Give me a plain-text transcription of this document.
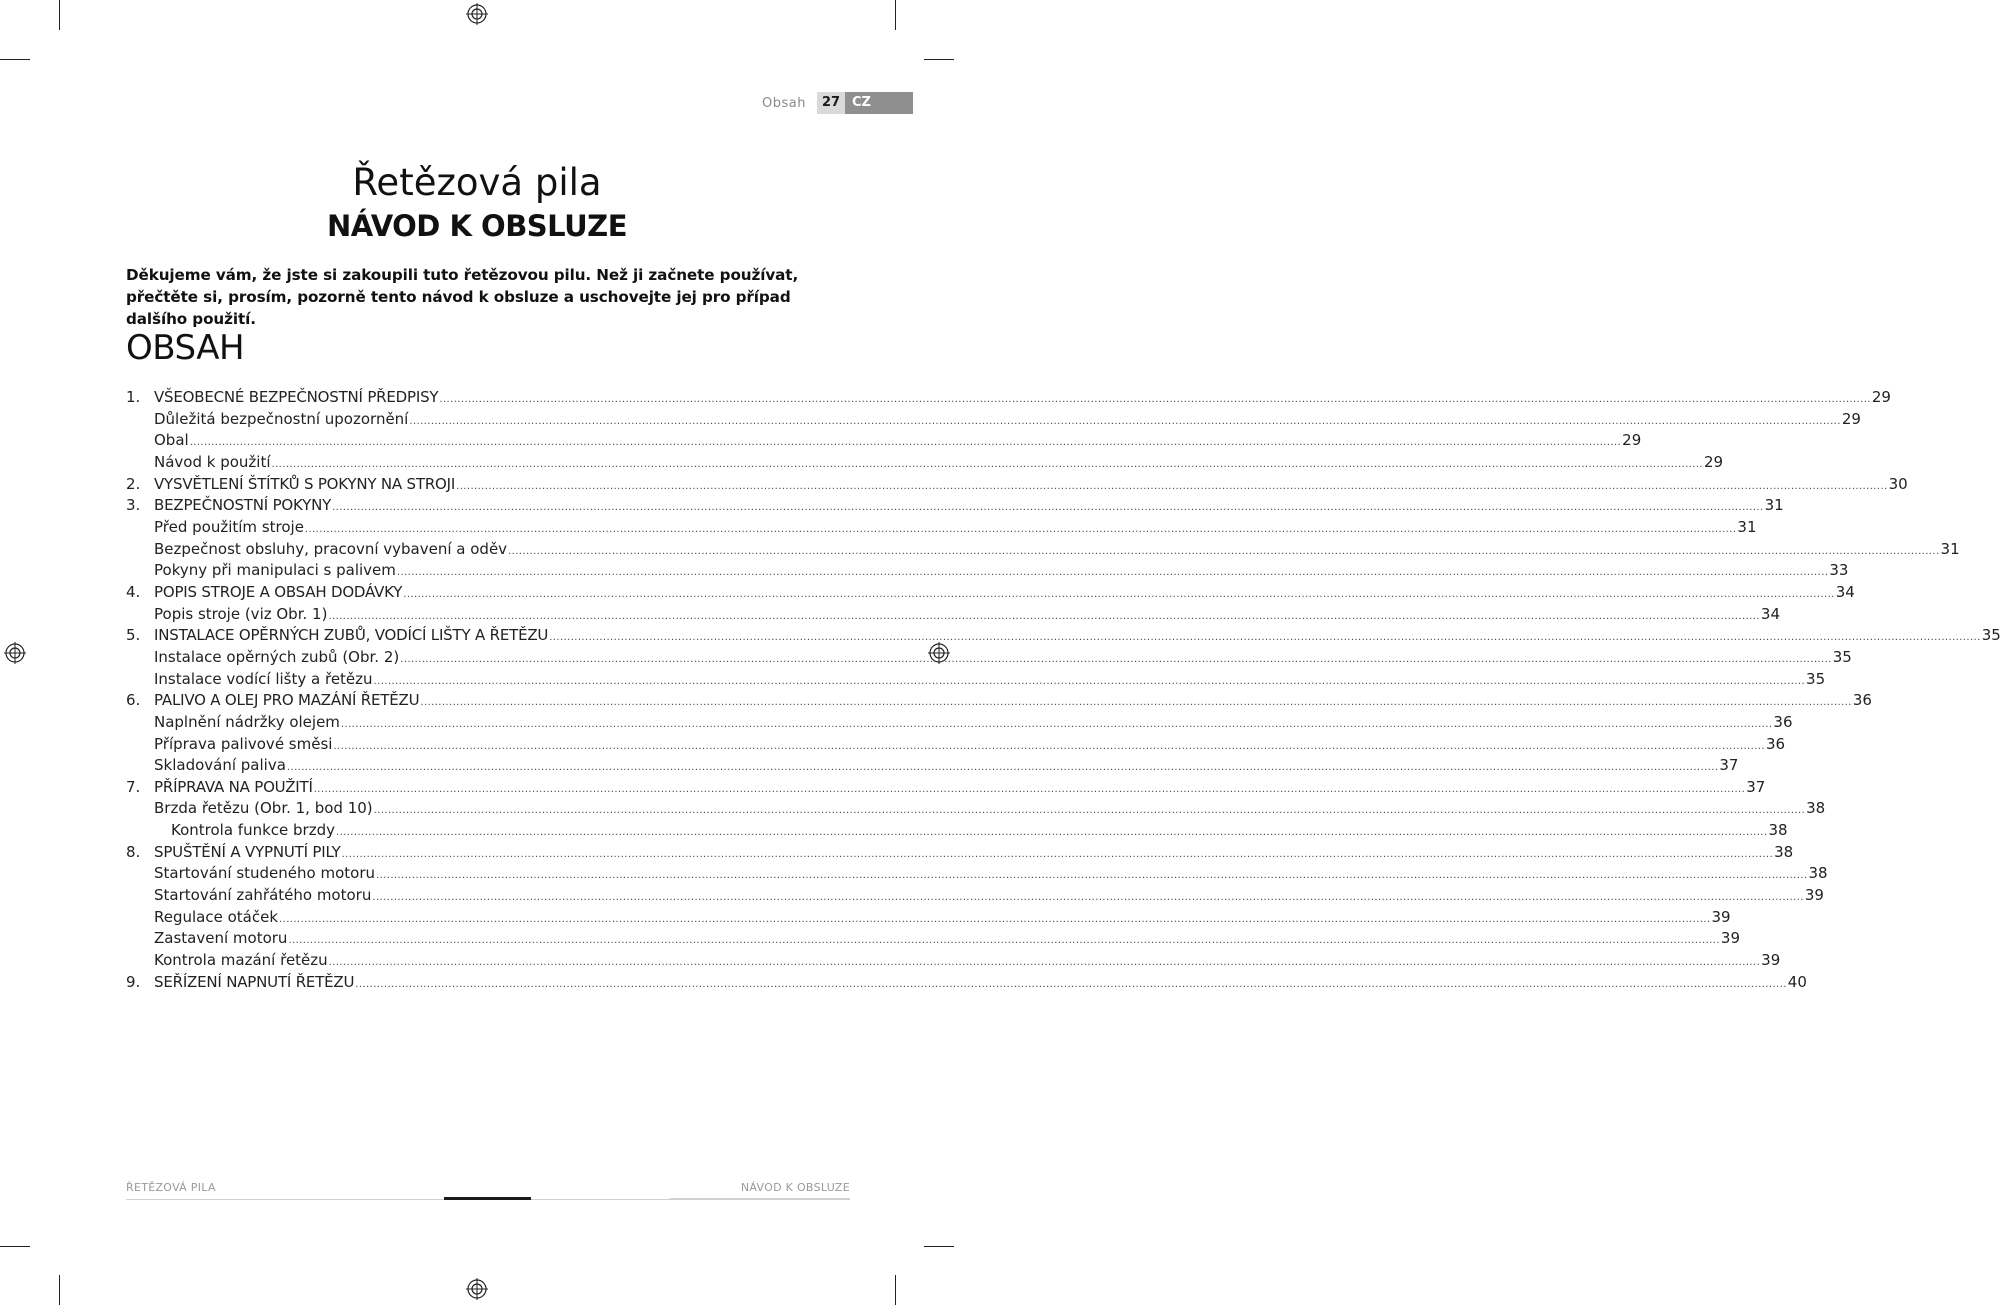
Obsah	27 CZ
Řetězová pila
NÁVOD K OBSLUZE
Děkujeme vám, že jste si zakoupili tuto řetězovou pilu. Než ji začnete používat, přečtěte si, prosím, pozorně tento návod k obsluze a uschovejte jej pro případ dalšího použití.
OBSAH
1. VŠEOBECNÉ BEZPEČNOSTNÍ PŘEDPISY ................................................................................................................................................................................................................................................................................................................................................................................................................ 29
Důležitá bezpečnostní upozornění ................................................................................................................................................................................................................................................................................................................................................................................................................ 29
Obal ................................................................................................................................................................................................................................................................................................................................................................................................................ 29
Návod k použití ................................................................................................................................................................................................................................................................................................................................................................................................................ 29
2. VYSVĚTLENÍ ŠTÍTKŮ S POKYNY NA STROJI ................................................................................................................................................................................................................................................................................................................................................................................................................ 30
3. BEZPEČNOSTNÍ POKYNY ................................................................................................................................................................................................................................................................................................................................................................................................................ 31
Před použitím stroje ................................................................................................................................................................................................................................................................................................................................................................................................................ 31
Bezpečnost obsluhy, pracovní vybavení a oděv ................................................................................................................................................................................................................................................................................................................................................................................................................ 31
Pokyny při manipulaci s palivem ................................................................................................................................................................................................................................................................................................................................................................................................................ 33
4. POPIS STROJE A OBSAH DODÁVKY ................................................................................................................................................................................................................................................................................................................................................................................................................ 34
Popis stroje (viz Obr. 1) ................................................................................................................................................................................................................................................................................................................................................................................................................ 34
5. INSTALACE OPĚRNÝCH ZUBŮ, VODÍCÍ LIŠTY A ŘETĚZU ................................................................................................................................................................................................................................................................................................................................................................................................................ 35
Instalace opěrných zubů (Obr. 2) ................................................................................................................................................................................................................................................................................................................................................................................................................ 35
Instalace vodící lišty a řetězu ................................................................................................................................................................................................................................................................................................................................................................................................................ 35
6. PALIVO A OLEJ PRO MAZÁNÍ ŘETĚZU ................................................................................................................................................................................................................................................................................................................................................................................................................ 36
Naplnění nádržky olejem ................................................................................................................................................................................................................................................................................................................................................................................................................ 36
Příprava palivové směsi ................................................................................................................................................................................................................................................................................................................................................................................................................ 36
Skladování paliva ................................................................................................................................................................................................................................................................................................................................................................................................................ 37
7. PŘÍPRAVA NA POUŽITÍ ................................................................................................................................................................................................................................................................................................................................................................................................................ 37
Brzda řetězu (Obr. 1, bod 10) ................................................................................................................................................................................................................................................................................................................................................................................................................ 38
Kontrola funkce brzdy ................................................................................................................................................................................................................................................................................................................................................................................................................ 38
8. SPUŠTĚNÍ A VYPNUTÍ PILY ................................................................................................................................................................................................................................................................................................................................................................................................................ 38
Startování studeného motoru ................................................................................................................................................................................................................................................................................................................................................................................................................ 38
Startování zahřátého motoru ................................................................................................................................................................................................................................................................................................................................................................................................................ 39
Regulace otáček ................................................................................................................................................................................................................................................................................................................................................................................................................ 39
Zastavení motoru ................................................................................................................................................................................................................................................................................................................................................................................................................ 39
Kontrola mazání řetězu ................................................................................................................................................................................................................................................................................................................................................................................................................ 39
9. SEŘÍZENÍ NAPNUTÍ ŘETĚZU ................................................................................................................................................................................................................................................................................................................................................................................................................ 40
ŘETĚZOVÁ PILA	NÁVOD K OBSLUZE
